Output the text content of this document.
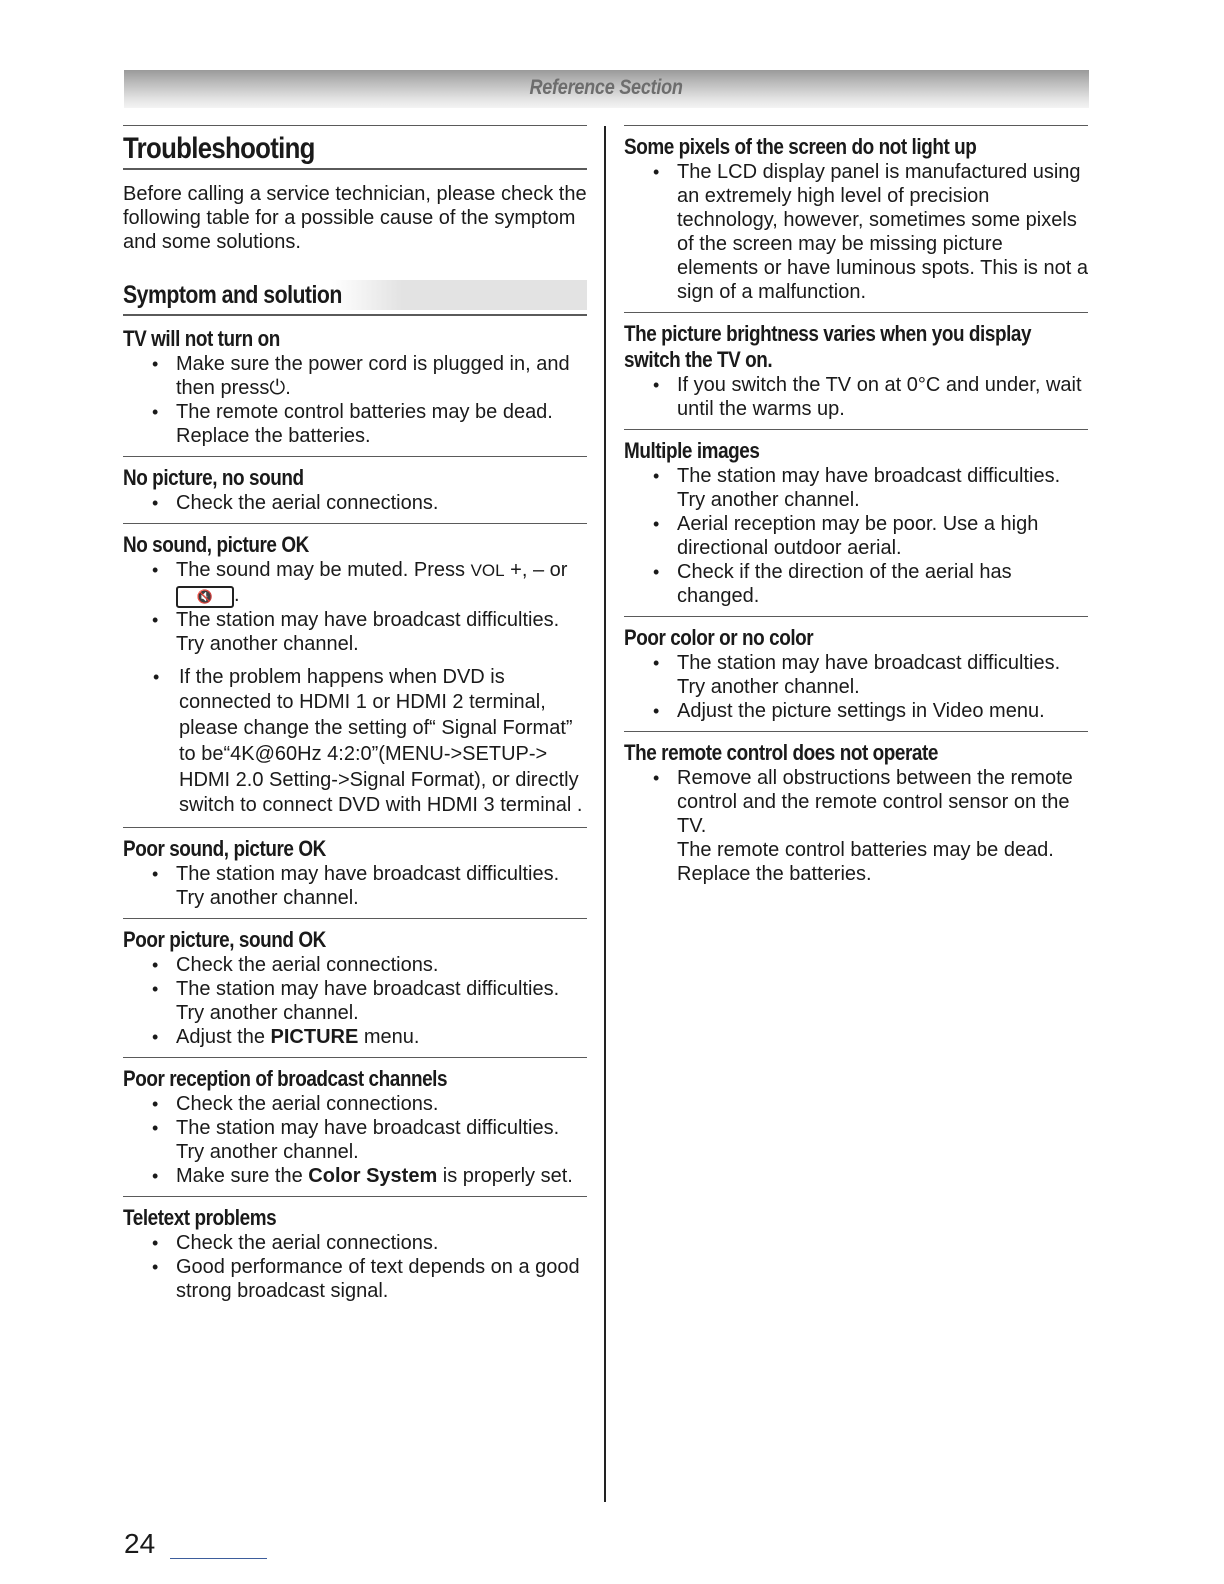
Reference Section
Troubleshooting

Before calling a service technician, please check the following table for a possible cause of the symptom and some solutions.

Symptom and solution
TV will not turn on
• Make sure the power cord is plugged in, and then press⏻.
• The remote control batteries may be dead. Replace the batteries.
No picture, no sound
• Check the aerial connections.
No sound, picture OK
• The sound may be muted. Press VOL +, – or
🔇 .
• The station may have broadcast difficulties. Try another channel.
• If the problem happens when DVD is connected to HDMI 1 or HDMI 2 terminal, please change the setting of“ Signal Format” to be“4K@60Hz 4:2:0”(MENU->SETUP-> HDMI 2.0 Setting->Signal Format), or directly switch to connect DVD with HDMI 3 terminal .
Poor sound, picture OK
• The station may have broadcast difficulties. Try another channel.
Poor picture, sound OK
• Check the aerial connections.
• The station may have broadcast difficulties. Try another channel.
• Adjust the PICTURE menu.
Poor reception of broadcast channels
• Check the aerial connections.
• The station may have broadcast difficulties. Try another channel.
• Make sure the Color System is properly set.
Teletext problems
• Check the aerial connections.
• Good performance of text depends on a good strong broadcast signal.
Some pixels of the screen do not light up
• The LCD display panel is manufactured using an extremely high level of precision technology, however, sometimes some pixels of the screen may be missing picture elements or have luminous spots. This is not a sign of a malfunction.
The picture brightness varies when you display switch the TV on.
• If you switch the TV on at 0°C and under, wait until the warms up.
Multiple images
• The station may have broadcast difficulties. Try another channel.
• Aerial reception may be poor. Use a high directional outdoor aerial.
• Check if the direction of the aerial has changed.
Poor color or no color
• The station may have broadcast difficulties. Try another channel.
• Adjust the picture settings in Video menu.
The remote control does not operate
• Remove all obstructions between the remote control and the remote control sensor on the TV.
The remote control batteries may be dead. Replace the batteries.
24
